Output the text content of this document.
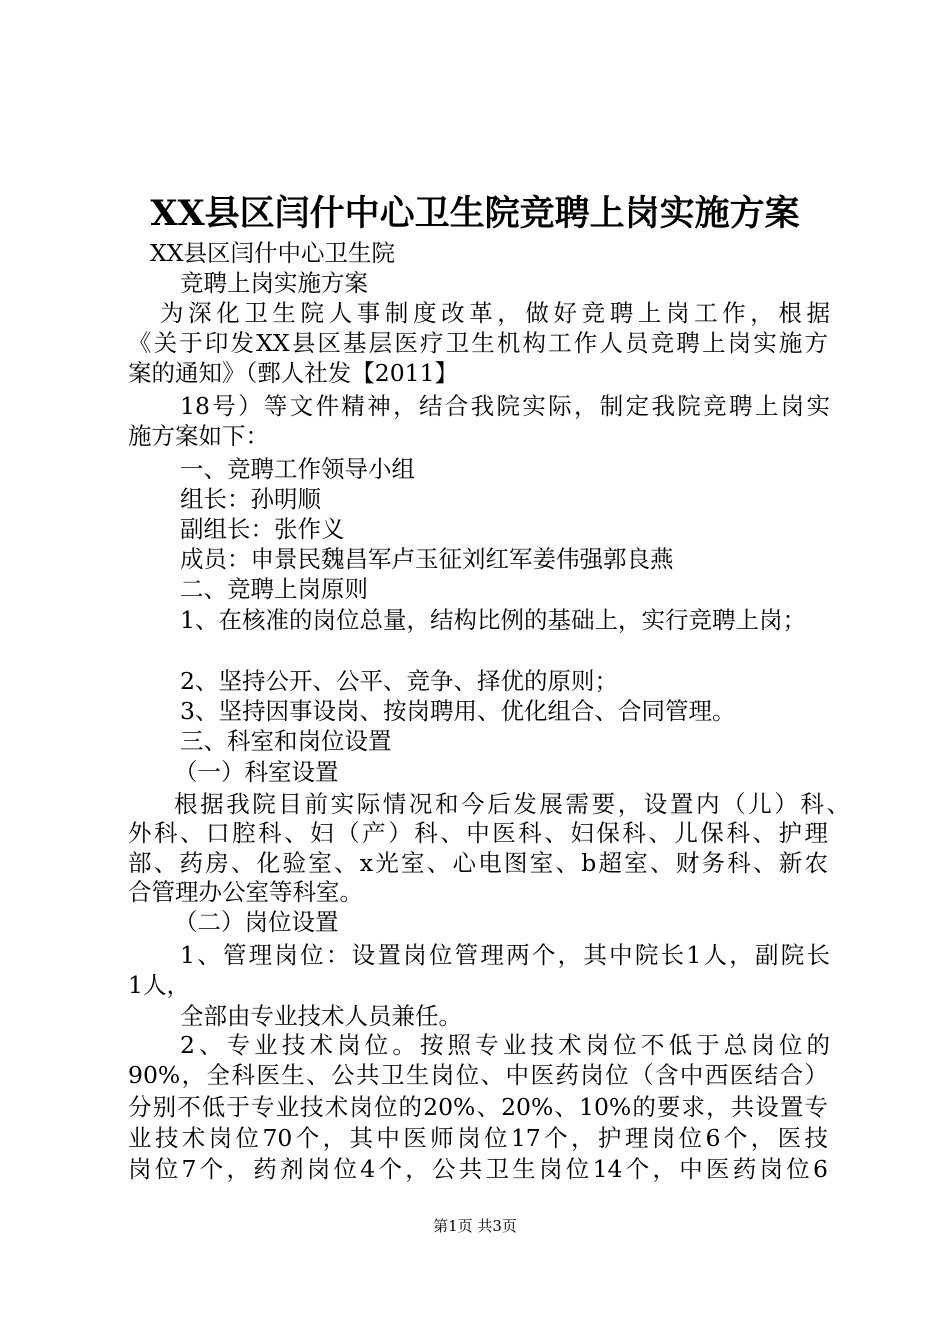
XX县区闫什中心卫生院竞聘上岗实施方案
XX县区闫什中心卫生院
竞聘上岗实施方案
为深化卫生院人事制度改革，做好竞聘上岗工作，根据
《关于印发XX县区基层医疗卫生机构工作人员竞聘上岗实施方
案的通知》（鄄人社发【2011】
18号）等文件精神，结合我院实际，制定我院竞聘上岗实
施方案如下：
一、竞聘工作领导小组
组长：孙明顺
副组长：张作义
成员：申景民魏昌军卢玉征刘红军姜伟强郭良燕
二、竞聘上岗原则
1、在核准的岗位总量，结构比例的基础上，实行竞聘上岗；
2、坚持公开、公平、竞争、择优的原则；
3、坚持因事设岗、按岗聘用、优化组合、合同管理。
三、科室和岗位设置
（一）科室设置
根据我院目前实际情况和今后发展需要，设置内（儿）科、
外科、口腔科、妇（产）科、中医科、妇保科、儿保科、护理
部、药房、化验室、x光室、心电图室、b超室、财务科、新农
合管理办公室等科室。
（二）岗位设置
1、管理岗位：设置岗位管理两个，其中院长1人，副院长
1人，
全部由专业技术人员兼任。
2、专业技术岗位。按照专业技术岗位不低于总岗位的
90%，全科医生、公共卫生岗位、中医药岗位（含中西医结合）
分别不低于专业技术岗位的20%、20%、10%的要求，共设置专
业技术岗位70个，其中医师岗位17个，护理岗位6个，医技
岗位7个，药剂岗位4个，公共卫生岗位14个，中医药岗位6
第1页 共3页
